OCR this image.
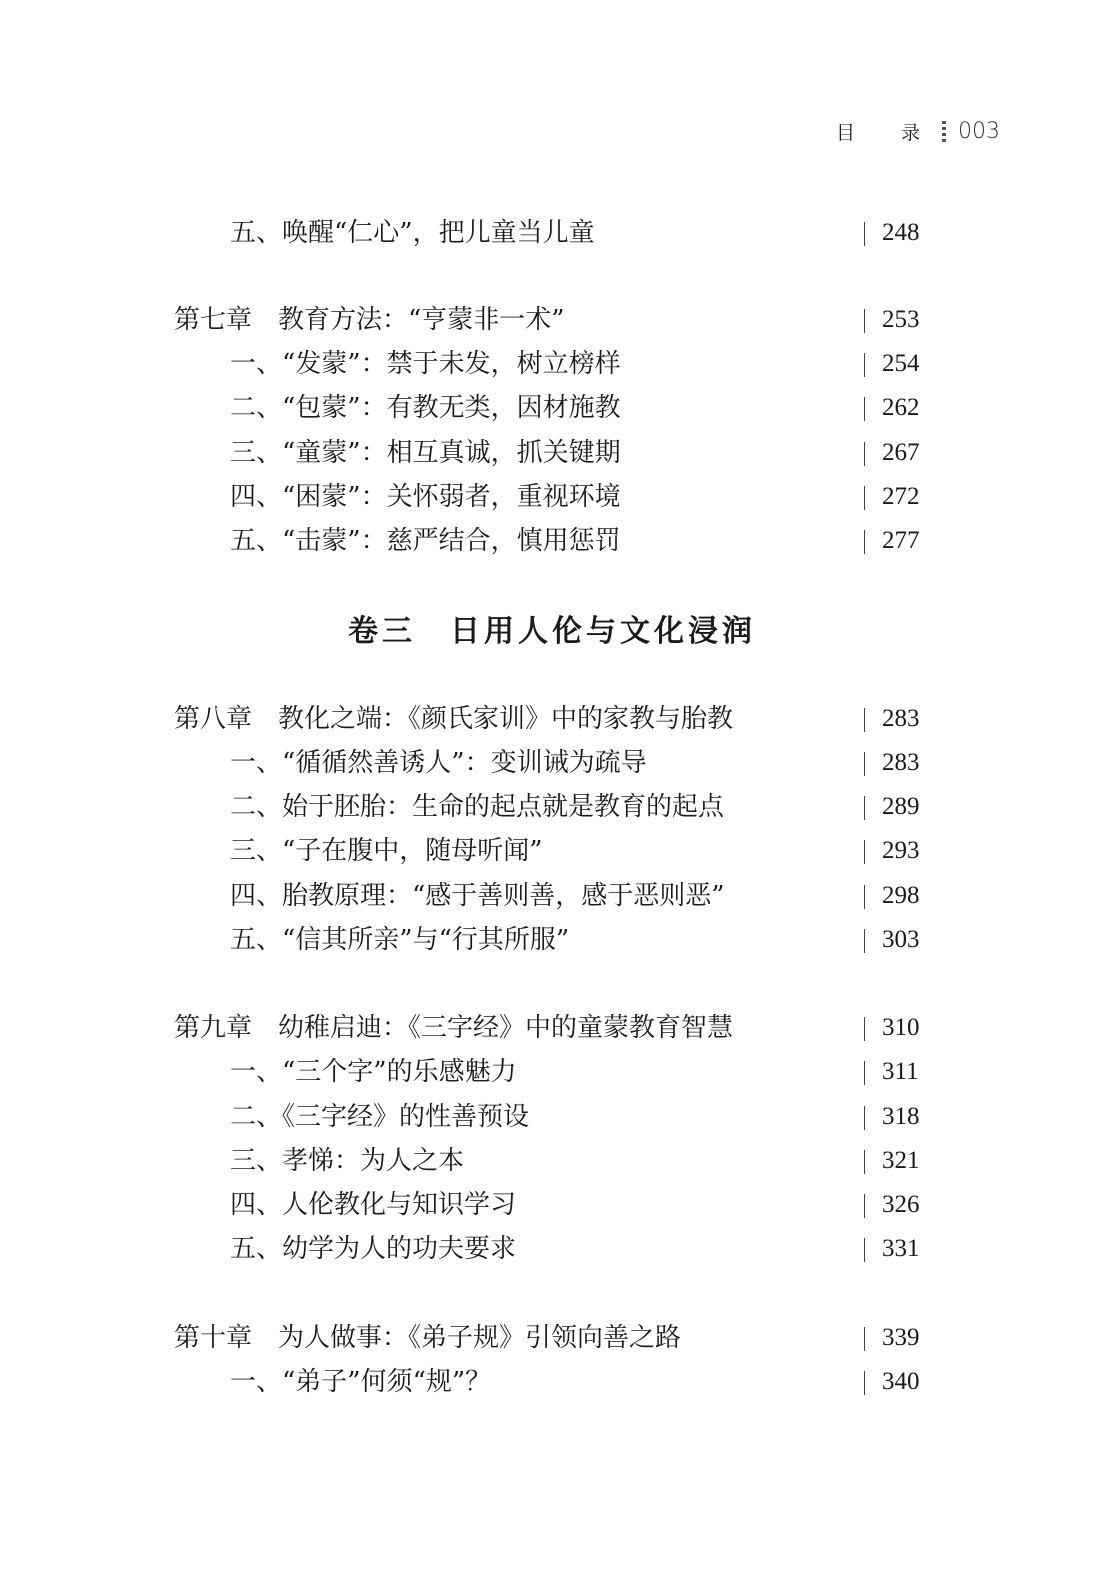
目 录 003
五、唤醒“仁心”，把儿童当儿童	248
第七章　教育方法：“亨蒙非一术”	253
一、“发蒙”：禁于未发，树立榜样	254
二、“包蒙”：有教无类，因材施教	262
三、“童蒙”：相互真诚，抓关键期	267
四、“困蒙”：关怀弱者，重视环境	272
五、“击蒙”：慈严结合，慎用惩罚	277
卷三　日用人伦与文化浸润
第八章　教化之端：《颜氏家训》中的家教与胎教	283
一、“循循然善诱人”：变训诫为疏导	283
二、始于胚胎：生命的起点就是教育的起点	289
三、“子在腹中，随母听闻”	293
四、胎教原理：“感于善则善，感于恶则恶”	298
五、“信其所亲”与“行其所服”	303
第九章　幼稚启迪：《三字经》中的童蒙教育智慧	310
一、“三个字”的乐感魅力	311
二、《三字经》的性善预设	318
三、孝悌：为人之本	321
四、人伦教化与知识学习	326
五、幼学为人的功夫要求	331
第十章　为人做事：《弟子规》引领向善之路	339
一、“弟子”何须“规”？	340
